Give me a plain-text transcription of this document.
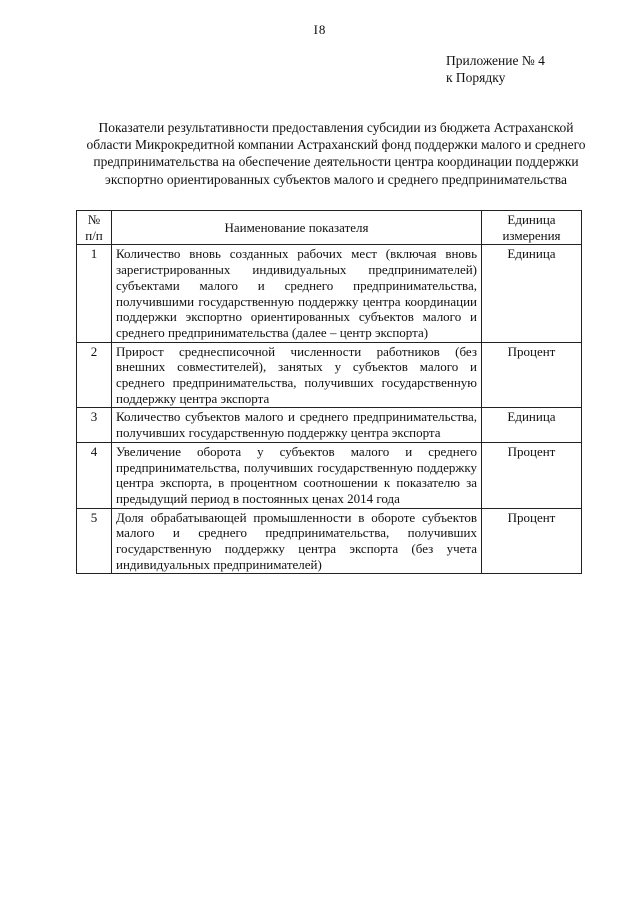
I8
Приложение № 4
к Порядку
Показатели результативности предоставления субсидии из бюджета Астраханской области Микрокредитной компании Астраханский фонд поддержки малого и среднего предпринимательства на обеспечение деятельности центра координации поддержки экспортно ориентированных субъектов малого и среднего предпринимательства
№ п/п	Наименование показателя	Единица измерения
1	Количество вновь созданных рабочих мест (включая вновь зарегистрированных индивидуальных предпринимателей) субъектами малого и среднего предпринимательства, получившими государственную поддержку центра координации поддержки экспортно ориентированных субъектов малого и среднего предпринимательства (далее – центр экспорта)	Единица
2	Прирост среднесписочной численности работников (без внешних совместителей), занятых у субъектов малого и среднего предпринимательства, получивших государственную поддержку центра экспорта	Процент
3	Количество субъектов малого и среднего предпринимательства, получивших государственную поддержку центра экспорта	Единица
4	Увеличение оборота у субъектов малого и среднего предпринимательства, получивших государственную поддержку центра экспорта, в процентном соотношении к показателю за предыдущий период в постоянных ценах 2014 года	Процент
5	Доля обрабатывающей промышленности в обороте субъектов малого и среднего предпринимательства, получивших государственную поддержку центра экспорта (без учета индивидуальных предпринимателей)	Процент
